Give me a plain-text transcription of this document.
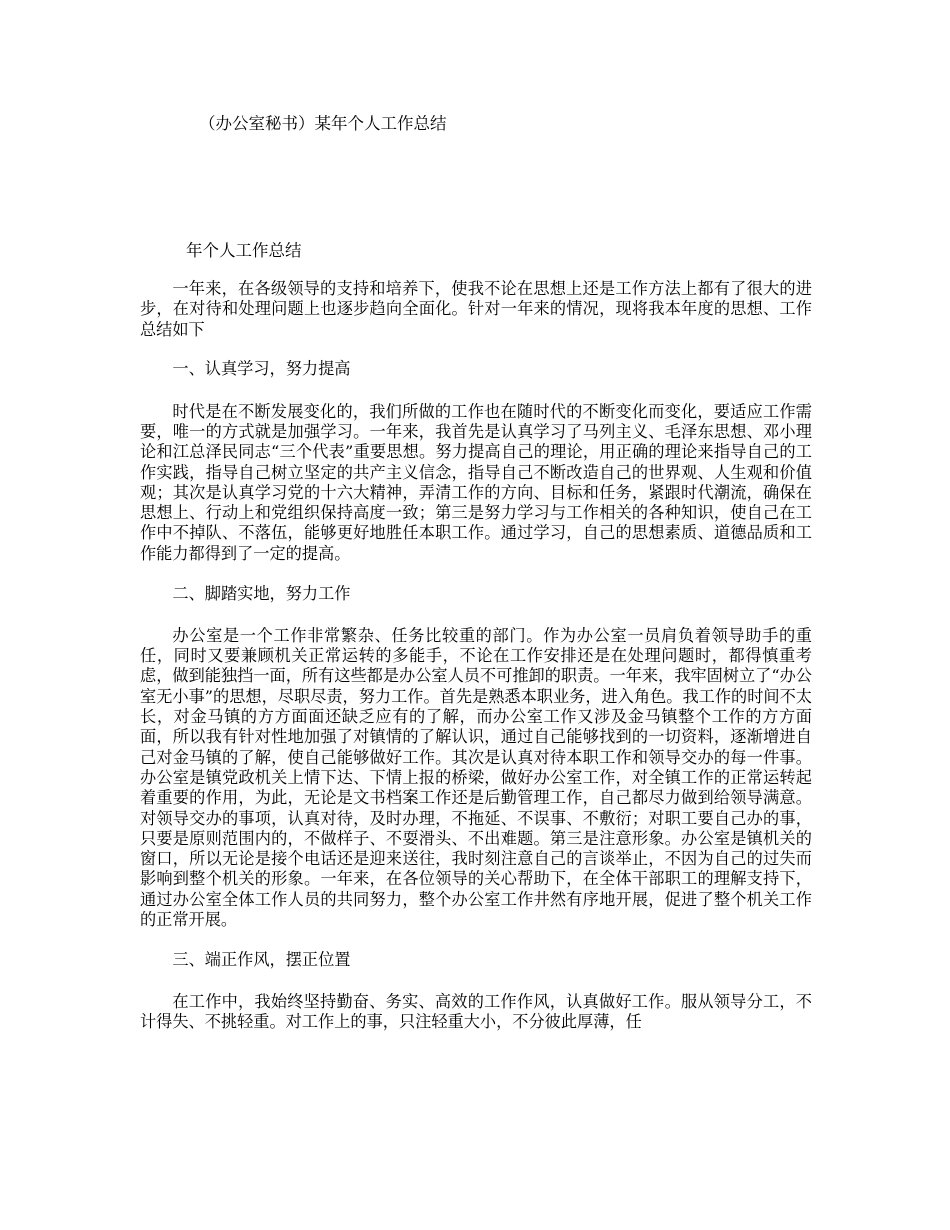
（办公室秘书）某年个人工作总结
年个人工作总结

一年来，在各级领导的支持和培养下，使我不论在思想上还是工作方法上都有了很大的进步，在对待和处理问题上也逐步趋向全面化。针对一年来的情况，现将我本年度的思想、工作总结如下

一、认真学习，努力提高

时代是在不断发展变化的，我们所做的工作也在随时代的不断变化而变化，要适应工作需要，唯一的方式就是加强学习。一年来，我首先是认真学习了马列主义、毛泽东思想、邓小理论和江总泽民同志“三个代表”重要思想。努力提高自己的理论，用正确的理论来指导自己的工作实践，指导自己树立坚定的共产主义信念，指导自己不断改造自己的世界观、人生观和价值观；其次是认真学习党的十六大精神，弄清工作的方向、目标和任务，紧跟时代潮流，确保在思想上、行动上和党组织保持高度一致；第三是努力学习与工作相关的各种知识，使自己在工作中不掉队、不落伍，能够更好地胜任本职工作。通过学习，自己的思想素质、道德品质和工作能力都得到了一定的提高。

二、脚踏实地，努力工作

办公室是一个工作非常繁杂、任务比较重的部门。作为办公室一员肩负着领导助手的重任，同时又要兼顾机关正常运转的多能手，不论在工作安排还是在处理问题时，都得慎重考虑，做到能独挡一面，所有这些都是办公室人员不可推卸的职责。一年来，我牢固树立了“办公室无小事”的思想，尽职尽责，努力工作。首先是熟悉本职业务，进入角色。我工作的时间不太长，对金马镇的方方面面还缺乏应有的了解，而办公室工作又涉及金马镇整个工作的方方面面，所以我有针对性地加强了对镇情的了解认识，通过自己能够找到的一切资料，逐渐增进自己对金马镇的了解，使自己能够做好工作。其次是认真对待本职工作和领导交办的每一件事。办公室是镇党政机关上情下达、下情上报的桥梁，做好办公室工作，对全镇工作的正常运转起着重要的作用，为此，无论是文书档案工作还是后勤管理工作，自己都尽力做到给领导满意。对领导交办的事项，认真对待，及时办理，不拖延、不误事、不敷衍；对职工要自己办的事，只要是原则范围内的，不做样子、不耍滑头、不出难题。第三是注意形象。办公室是镇机关的窗口，所以无论是接个电话还是迎来送往，我时刻注意自己的言谈举止，不因为自己的过失而影响到整个机关的形象。一年来，在各位领导的关心帮助下，在全体干部职工的理解支持下，通过办公室全体工作人员的共同努力，整个办公室工作井然有序地开展，促进了整个机关工作的正常开展。

三、端正作风，摆正位置

在工作中，我始终坚持勤奋、务实、高效的工作作风，认真做好工作。服从领导分工，不计得失、不挑轻重。对工作上的事，只注轻重大小，不分彼此厚薄，任
